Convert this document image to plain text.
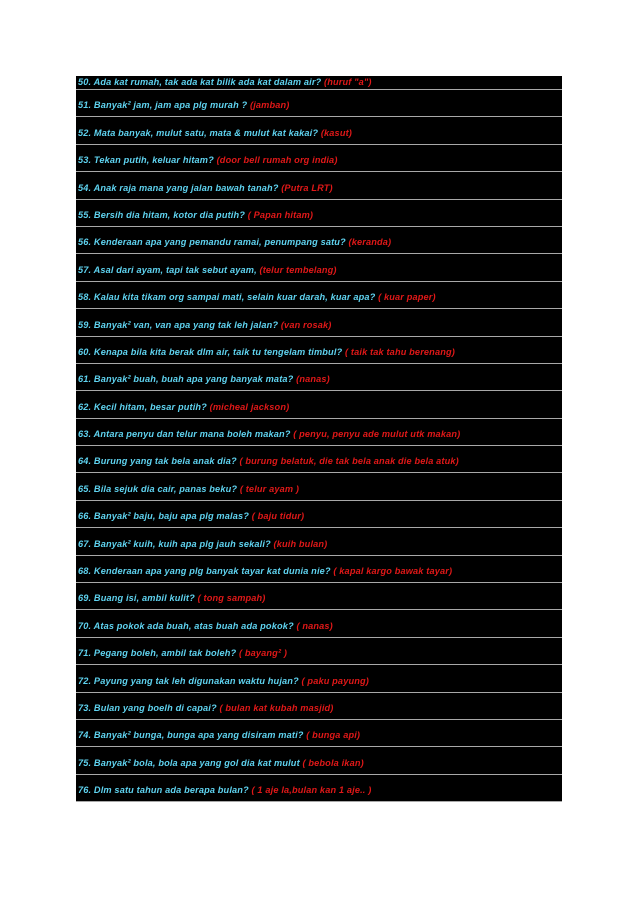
50. Ada kat rumah, tak ada kat bilik ada kat dalam air? (huruf "a")
51. Banyak² jam, jam apa plg murah ? (jamban)
52. Mata banyak, mulut satu, mata & mulut kat kakai? (kasut)
53. Tekan putih, keluar hitam? (door bell rumah org india)
54. Anak raja mana yang jalan bawah tanah? (Putra LRT)
55. Bersih dia hitam, kotor dia putih? ( Papan hitam)
56. Kenderaan apa yang pemandu ramai, penumpang satu? (keranda)
57. Asal dari ayam, tapi tak sebut ayam, (telur tembelang)
58. Kalau kita tikam org sampai mati, selain kuar darah, kuar apa? ( kuar paper)
59. Banyak² van, van apa yang tak leh jalan? (van rosak)
60. Kenapa bila kita berak dlm air, taik tu tengelam timbul? ( taik tak tahu berenang)
61. Banyak² buah, buah apa yang banyak mata? (nanas)
62. Kecil hitam, besar putih? (micheal jackson)
63. Antara penyu dan telur mana boleh makan? ( penyu, penyu ade mulut utk makan)
64. Burung yang tak bela anak dia? ( burung belatuk, die tak bela anak die bela atuk)
65. Bila sejuk dia cair, panas beku? ( telur ayam )
66. Banyak² baju, baju apa plg malas? ( baju tidur)
67. Banyak² kuih, kuih apa plg jauh sekali? (kuih bulan)
68. Kenderaan apa yang plg banyak tayar kat dunia nie? ( kapal kargo bawak tayar)
69. Buang isi, ambil kulit? ( tong sampah)
70. Atas pokok ada buah, atas buah ada pokok? ( nanas)
71. Pegang boleh, ambil tak boleh? ( bayang² )
72. Payung yang tak leh digunakan waktu hujan? ( paku payung)
73. Bulan yang boelh di capai? ( bulan kat kubah masjid)
74. Banyak² bunga, bunga apa yang disiram mati? ( bunga api)
75. Banyak² bola, bola apa yang gol dia kat mulut ( bebola ikan)
76. Dlm satu tahun ada berapa bulan? ( 1 aje la,bulan kan 1 aje.. )
